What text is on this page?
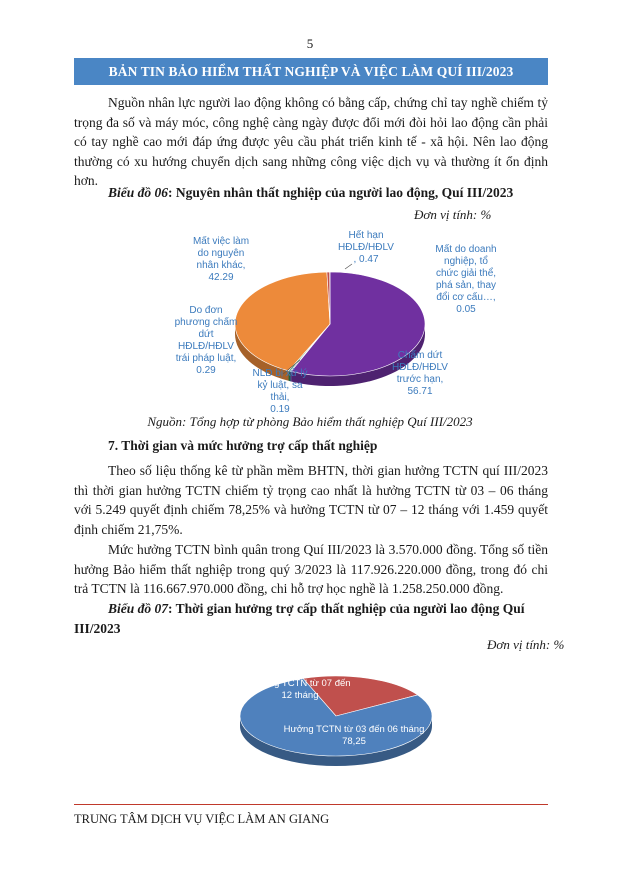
5
BẢN TIN BẢO HIỂM THẤT NGHIỆP VÀ VIỆC LÀM QUÍ III/2023

Nguồn nhân lực người lao động không có bằng cấp, chứng chỉ tay nghề chiếm tỷ trọng đa số và máy móc, công nghệ càng ngày được đổi mới đòi hỏi lao động cần phải có tay nghề cao mới đáp ứng được yêu cầu phát triển kinh tế - xã hội. Nên lao động thường có xu hướng chuyển dịch sang những công việc dịch vụ và thường ít ổn định hơn.

Biểu đồ 06: Nguyên nhân thất nghiệp của người lao động, Quí III/2023

Đơn vị tính: %
Chấm dứt HĐLĐ/HĐLV trước hạn, 56.71
NLĐ bị xử lý kỷ luật, sa thải, 0.19
Do đơn phương chấm dứt HĐLĐ/HĐLV trái pháp luật, 0.29
Mất việc làm do nguyên nhân khác, 42.29
Hết hạn HĐLĐ/HĐLV , 0.47
Mất do doanh nghiệp, tổ chức giải thể, phá sản, thay đổi cơ cấu…, 0.05
Nguồn: Tổng hợp từ phòng Bảo hiểm thất nghiệp Quí III/2023

7. Thời gian và mức hưởng trợ cấp thất nghiệp

Theo số liệu thống kê từ phần mềm BHTN, thời gian hưởng TCTN quí III/2023 thì thời gian hưởng TCTN chiếm tỷ trọng cao nhất là hưởng TCTN từ 03 – 06 tháng với 5.249 quyết định chiếm 78,25% và hưởng TCTN từ 07 – 12 tháng với 1.459 quyết định chiếm 21,75%.

Mức hưởng TCTN bình quân trong Quí III/2023 là 3.570.000 đồng. Tổng số tiền hưởng Bảo hiểm thất nghiệp trong quý 3/2023 là 117.926.220.000 đồng, trong đó chi trả TCTN là 116.667.970.000 đồng, chi hỗ trợ học nghề là 1.258.250.000 đồng.

Biểu đồ 07: Thời gian hưởng trợ cấp thất nghiệp của người lao động Quí III/2023

Đơn vị tính: %
Hưởng TCTN từ 07 đến 12 tháng
Hưởng TCTN từ 03 đến 06 tháng 78,25
TRUNG TÂM DỊCH VỤ VIỆC LÀM AN GIANG
